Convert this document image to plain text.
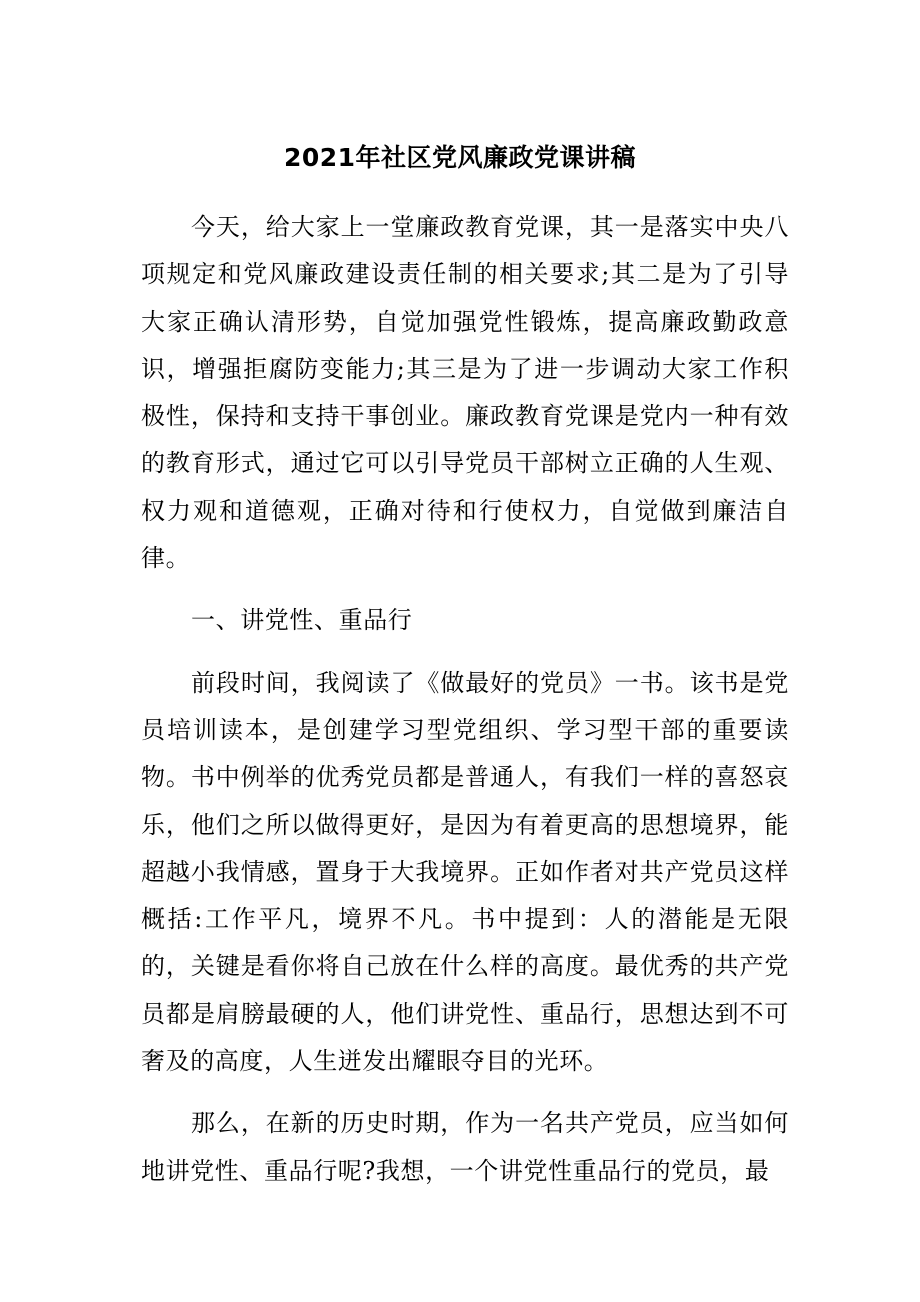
2021年社区党风廉政党课讲稿

今天，给大家上一堂廉政教育党课，其一是落实中央八项规定和党风廉政建设责任制的相关要求;其二是为了引导大家正确认清形势，自觉加强党性锻炼，提高廉政勤政意识，增强拒腐防变能力;其三是为了进一步调动大家工作积极性，保持和支持干事创业。廉政教育党课是党内一种有效的教育形式，通过它可以引导党员干部树立正确的人生观、权力观和道德观，正确对待和行使权力，自觉做到廉洁自律。

一、讲党性、重品行

前段时间，我阅读了《做最好的党员》一书。该书是党员培训读本，是创建学习型党组织、学习型干部的重要读物。书中例举的优秀党员都是普通人，有我们一样的喜怒哀乐，他们之所以做得更好，是因为有着更高的思想境界，能超越小我情感，置身于大我境界。正如作者对共产党员这样概括:工作平凡，境界不凡。书中提到：人的潜能是无限的，关键是看你将自己放在什么样的高度。最优秀的共产党员都是肩膀最硬的人，他们讲党性、重品行，思想达到不可奢及的高度，人生迸发出耀眼夺目的光环。

那么，在新的历史时期，作为一名共产党员，应当如何地讲党性、重品行呢?我想，一个讲党性重品行的党员，最
